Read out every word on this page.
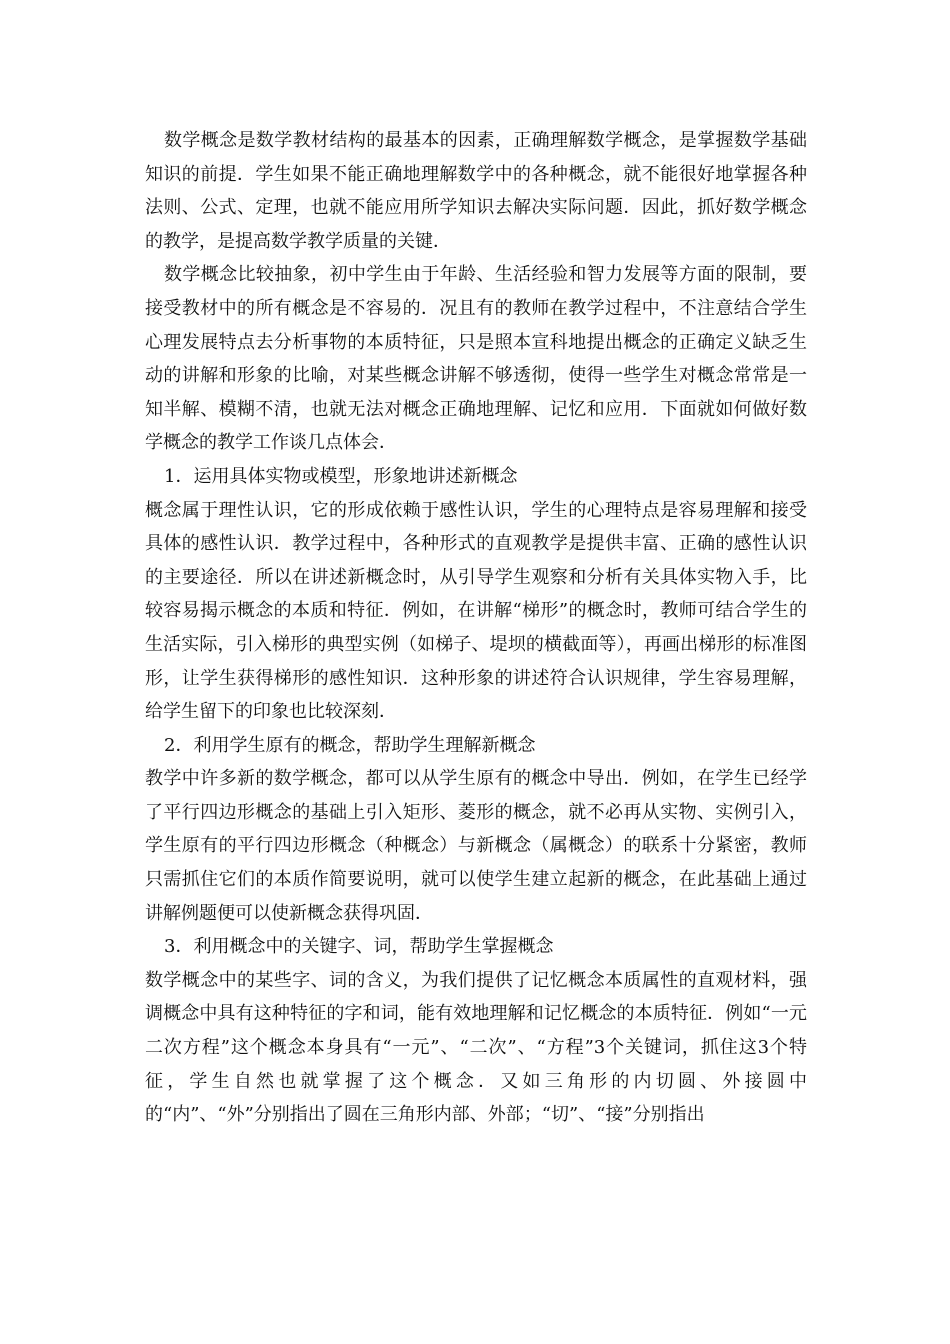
数学概念是数学教材结构的最基本的因素，正确理解数学概念，是掌握数学基础知识的前提．学生如果不能正确地理解数学中的各种概念，就不能很好地掌握各种法则、公式、定理，也就不能应用所学知识去解决实际问题．因此，抓好数学概念的教学，是提高数学教学质量的关键．

数学概念比较抽象，初中学生由于年龄、生活经验和智力发展等方面的限制，要接受教材中的所有概念是不容易的．况且有的教师在教学过程中，不注意结合学生心理发展特点去分析事物的本质特征，只是照本宣科地提出概念的正确定义缺乏生动的讲解和形象的比喻，对某些概念讲解不够透彻，使得一些学生对概念常常是一知半解、模糊不清，也就无法对概念正确地理解、记忆和应用．下面就如何做好数学概念的教学工作谈几点体会．

1．运用具体实物或模型，形象地讲述新概念

概念属于理性认识，它的形成依赖于感性认识，学生的心理特点是容易理解和接受具体的感性认识．教学过程中，各种形式的直观教学是提供丰富、正确的感性认识的主要途径．所以在讲述新概念时，从引导学生观察和分析有关具体实物入手，比较容易揭示概念的本质和特征．例如，在讲解“梯形”的概念时，教师可结合学生的生活实际，引入梯形的典型实例（如梯子、堤坝的横截面等），再画出梯形的标准图形，让学生获得梯形的感性知识．这种形象的讲述符合认识规律，学生容易理解，给学生留下的印象也比较深刻．

2．利用学生原有的概念，帮助学生理解新概念

教学中许多新的数学概念，都可以从学生原有的概念中导出．例如，在学生已经学了平行四边形概念的基础上引入矩形、菱形的概念，就不必再从实物、实例引入，学生原有的平行四边形概念（种概念）与新概念（属概念）的联系十分紧密，教师只需抓住它们的本质作简要说明，就可以使学生建立起新的概念，在此基础上通过讲解例题便可以使新概念获得巩固．

3．利用概念中的关键字、词，帮助学生掌握概念

数学概念中的某些字、词的含义，为我们提供了记忆概念本质属性的直观材料，强调概念中具有这种特征的字和词，能有效地理解和记忆概念的本质特征．例如“一元二次方程”这个概念本身具有“一元”、“二次”、“方程”3个关键词，抓住这3个特征，学生自然也就掌握了这个概念．又如三角形的内切圆、外接圆中的“内”、“外”分别指出了圆在三角形内部、外部；“切”、“接”分别指出
